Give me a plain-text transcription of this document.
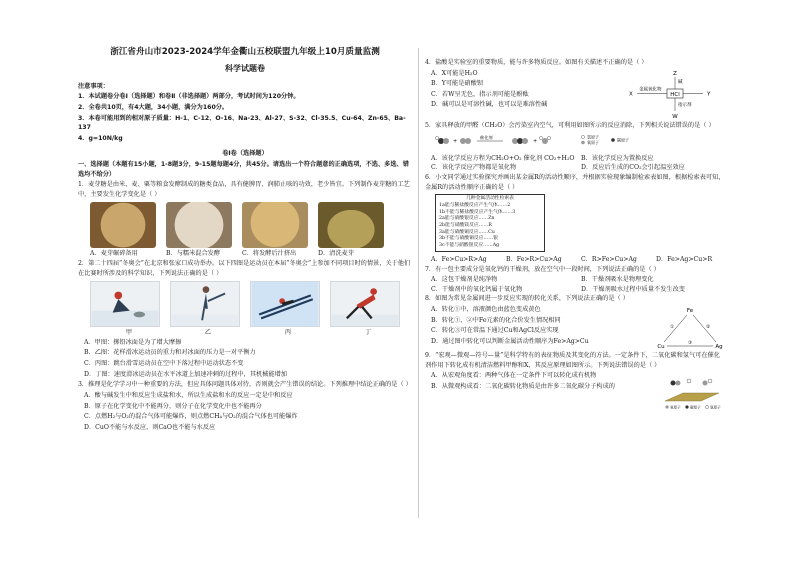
浙江省舟山市2023-2024学年金衢山五校联盟九年级上10月质量监测
科学试题卷

注意事项：

1．本试题卷分卷Ⅰ（选择题）和卷Ⅱ（非选择题）两部分，考试时间为120分钟。

2．全卷共10页，有4大题，34小题，满分为160分。

3．本卷可能用到的相对原子质量：H-1、C-12、O-16、Na-23、Al-27、S-32、Cl-35.5、Cu-64、Zn-65、Ba-137

4．g=10N/kg

卷Ⅰ卷（选择题）

一、选择题（本题有15小题，1-8题3分，9-15题每题4分，共45分。请选出一个符合题意的正确选项，不选、多选、错选均不给分）

1．麦芽糖是由米、麦、粟等粮食发酵制成的糖类食品，具有健脾胃、润肺止咳的功效，老少皆宜。下列制作麦芽糖的工艺中，主要发生化学变化是（ ）

A．麦芽碾碎备用	B．与糯米混合发酵	C．将发酵后汁挤出	D．清洗麦芽

2．第二十四届“冬奥会”在北京和张家口成功举办。以下四图是运动员在本届“冬奥会”上参加不同项目时的情景，关于他们在比赛时所涉及的科学知识，下列说法正确的是（ ）

甲	乙	丙	丁

A．甲图：掷铅冰面是为了增大摩擦

B．乙图：花样滑冰运动员的重力和对冰面的压力是一对平衡力

C．丙图：跳台滑雪运动员在空中下落过程中运动状态不变

D．丁图：速度滑冰运动员在水平冰道上加速冲刺的过程中，其机械能增加

3．推理是化学学习中一种重要的方法，但应具体问题具体对待，否则就会产生错误的结论。下列推理中结论正确的是（ ）

A．酸与碱发生中和反应生成盐和水，所以生成盐和水的反应一定是中和反应

B．原子在化学变化中不能再分，则分子在化学变化中也不能再分

C．点燃H₂与O₂的混合气体可能爆炸，则点燃CH₄与O₂的混合气体也可能爆炸

D．CuO不能与水反应，则CaO也不能与水反应

4．盐酸是实验室的重要物质，能与许多物质反应。如图有关描述不正确的是（ ）

A．X可能是H₂O

B．Y可能是硝酸钡

C．若W呈无色，指示剂可能是酚酞

D．碱可以是可溶性碱，也可以是难溶性碱

HCl
Z
碱
Y
W
指示剂
X
金属氧化物

5．家具释放的甲醛（CH₂O）会污染室内空气，可利用如图所示的反应消除，下列相关说法错误的是（ ）

+
催化剂
+
氢原子
氧原子	碳原子
A．该化学反应方程为CH₂O+O₂ 催化剂 CO₂+H₂O	B．该化学反应为置换反应
C．该化学反应产物都是氧化物	D．反应后生成的CO₂会引起温室效应

6．小文同学通过实验探究并画出某金属R的活动性顺序，并根据实验现象编制检索表如图，根据检索表可知，金属R的活动性顺序正确的是（ ）

几种金属活动性检索表
1a能与稀盐酸反应产生气体……2
1b不能与稀盐酸反应产生气体……3
2a能与硝酸银反应……Zn
2b能与硝酸镁反应……R
3a能与硝酸铜反应……Cu
3b不能与硝酸铜反应……银
3c不能与硝酸银反应……Ag
A．Fe>Cu>R>Ag	B．Fe>R>Cu>Ag	C．R>Fe>Cu>Ag	D．Fe>Ag>Cu>R

7．有一包主要成分是氧化钙的干燥剂，放在空气中一段时间，下列说法正确的是（ ）

A．这包干燥剂是纯净物	B．干燥剂吸水是物理变化
C．干燥剂中的氧化钙属于氧化物	D．干燥剂吸水过程中质量不发生改变

8．如图为常见金属间进一步反应实现的转化关系，下列说法正确的是（ ）

A．转化①中，溶液颜色由蓝色变成黄色

B．转化①、②中Fe元素的化合价发生情况相同

C．转化③可在常温下通过Cu和AgCl反应实现

D．通过图中转化可以判断金属活动性顺序为Fe>Ag>Cu

Fe
Cu	Ag
①	②
③

9．“宏观—微观—符号—量”是科学特有的表征物质及其变化的方法。一定条件下，二氧化碳和氢气可在催化剂作用下转化成有机清洁燃料甲醇和X，其反应原理如图所示。下列说法错误的是（ ）

A．从宏观角度看：两种气体在一定条件下可以转化成有机物

B．从微观构成看：二氧化碳转化物质是由许多二氧化碳分子构成的

氧原子	碳原子	氢原子
